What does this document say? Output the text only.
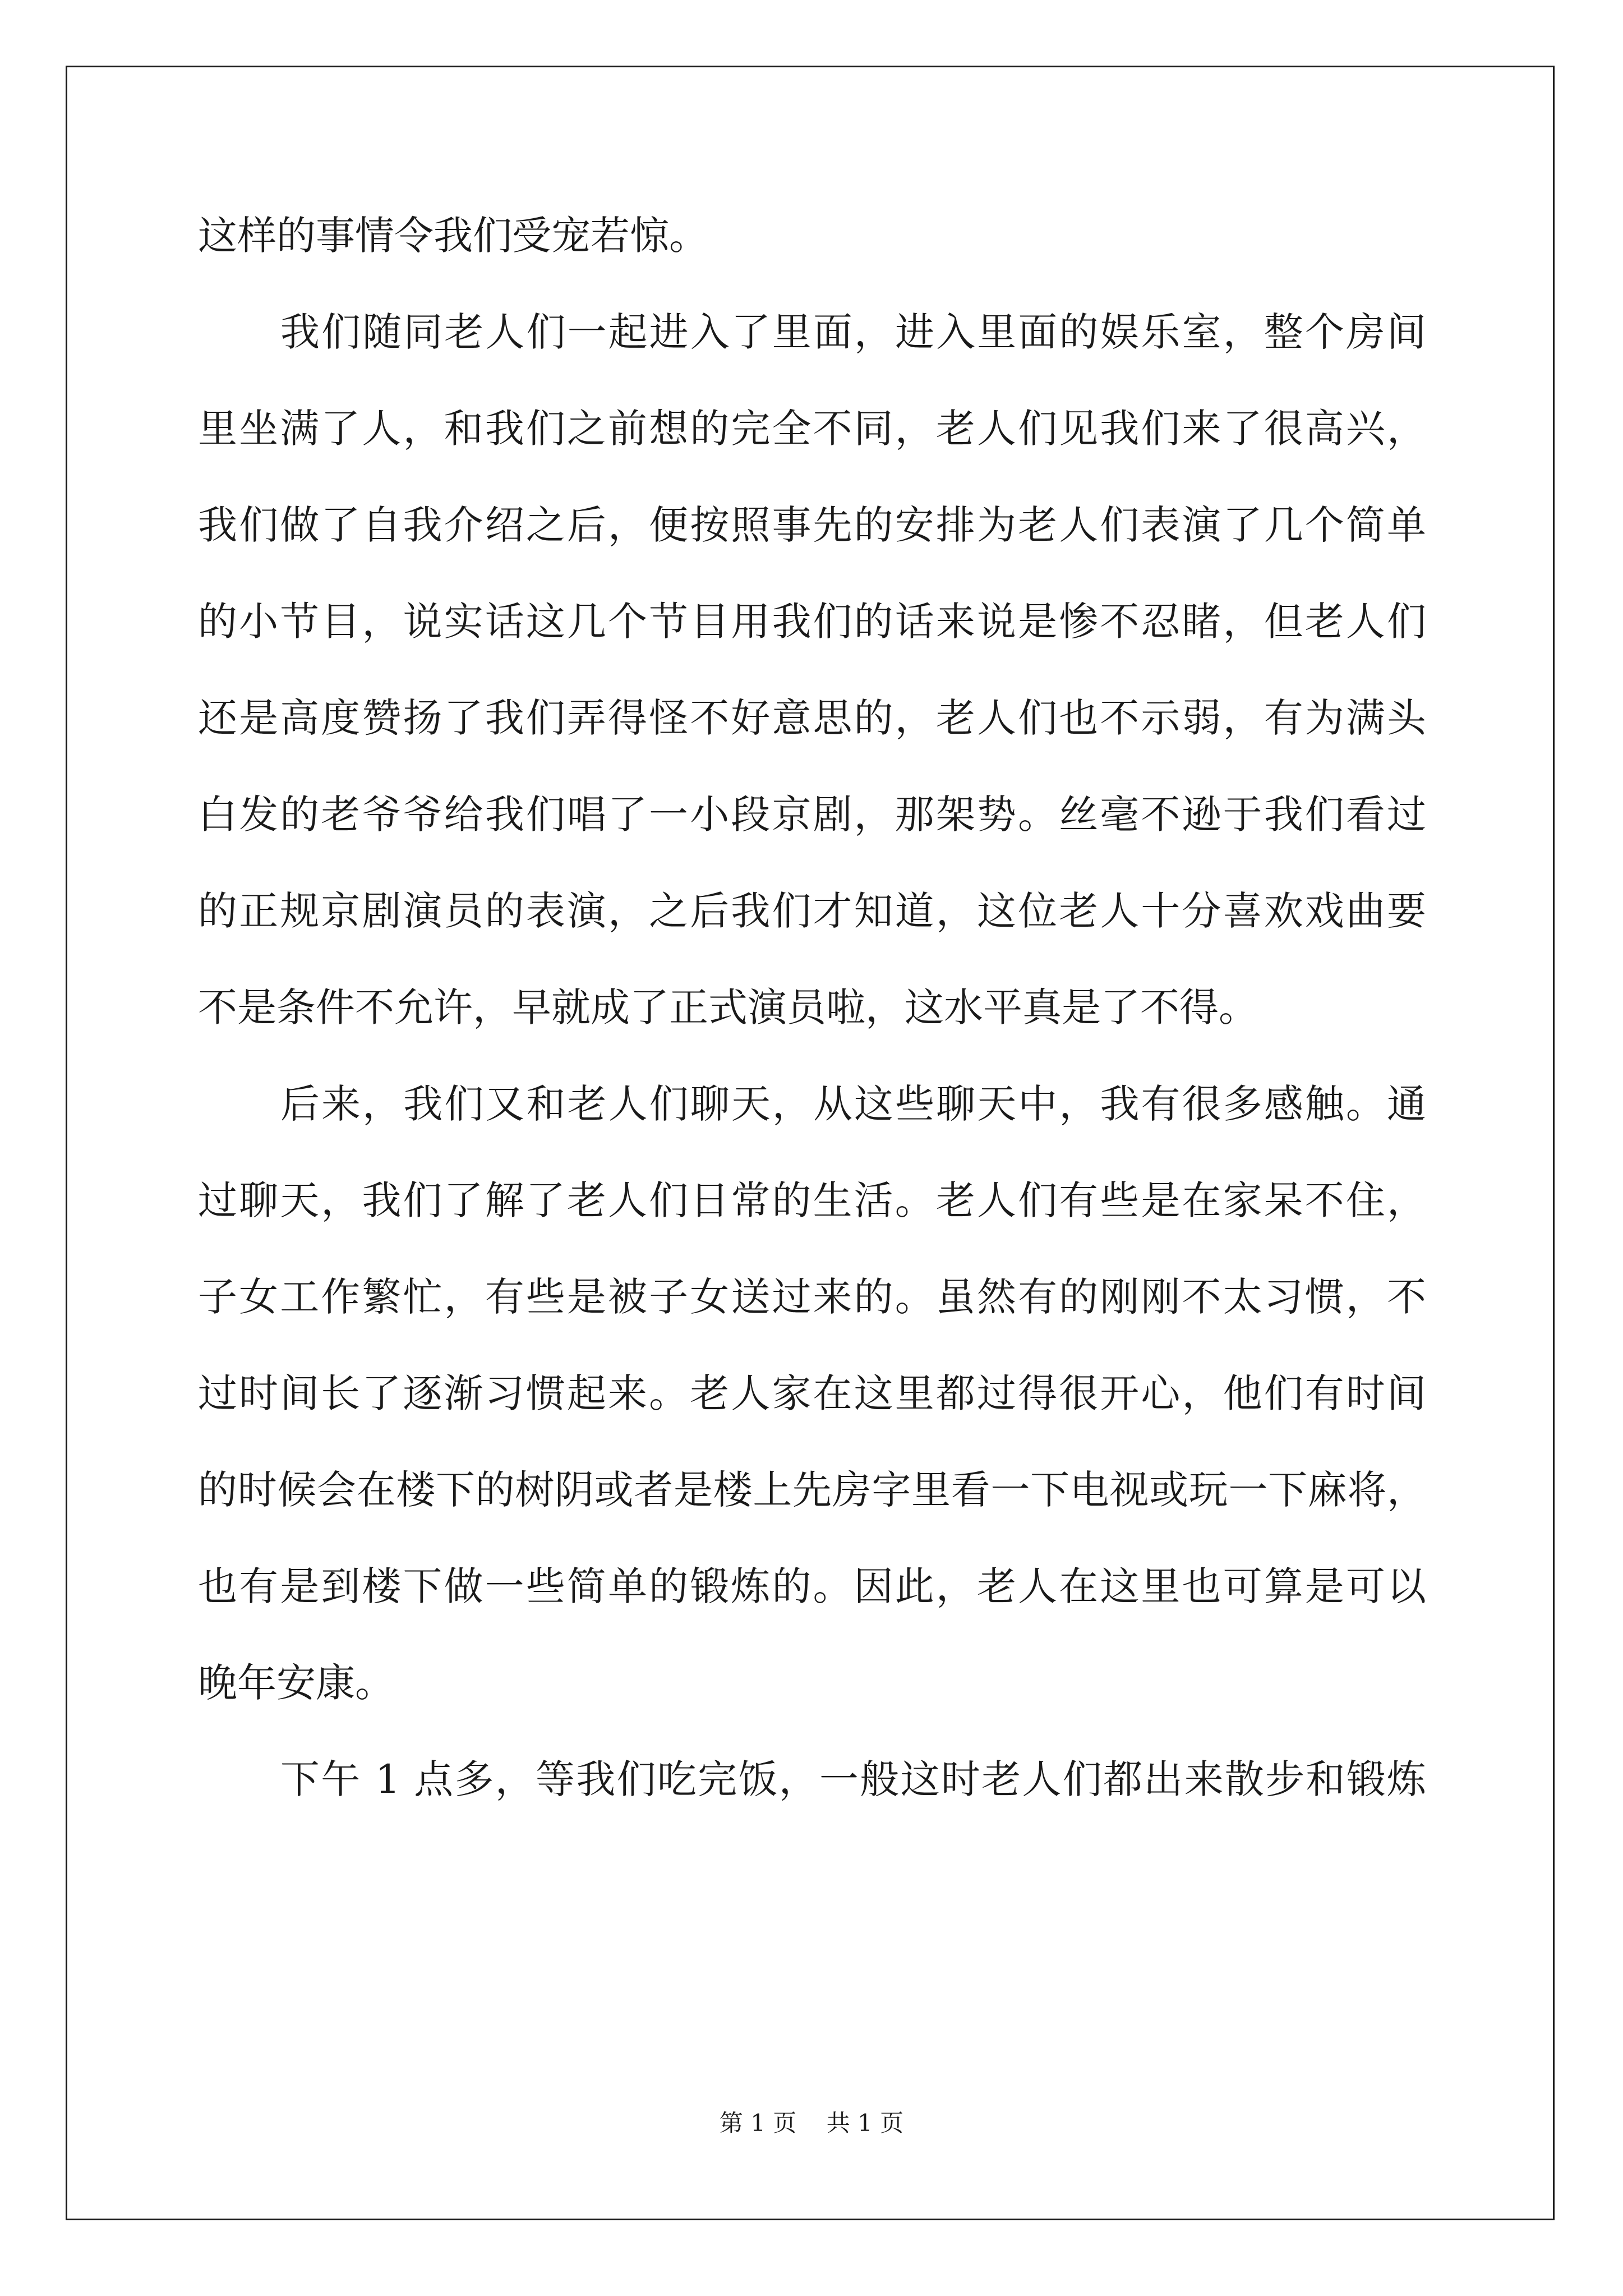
这样的事情令我们受宠若惊。
我们随同老人们一起进入了里面，进入里面的娱乐室，整个房间
里坐满了人，和我们之前想的完全不同，老人们见我们来了很高兴，
我们做了自我介绍之后，便按照事先的安排为老人们表演了几个简单
的小节目，说实话这几个节目用我们的话来说是惨不忍睹，但老人们
还是高度赞扬了我们弄得怪不好意思的，老人们也不示弱，有为满头
白发的老爷爷给我们唱了一小段京剧，那架势。丝毫不逊于我们看过
的正规京剧演员的表演，之后我们才知道，这位老人十分喜欢戏曲要
不是条件不允许，早就成了正式演员啦，这水平真是了不得。
后来，我们又和老人们聊天，从这些聊天中，我有很多感触。通
过聊天，我们了解了老人们日常的生活。老人们有些是在家呆不住，
子女工作繁忙，有些是被子女送过来的。虽然有的刚刚不太习惯，不
过时间长了逐渐习惯起来。老人家在这里都过得很开心，他们有时间
的时候会在楼下的树阴或者是楼上先房字里看一下电视或玩一下麻将，
也有是到楼下做一些简单的锻炼的。因此，老人在这里也可算是可以
晚年安康。
下午 1 点多，等我们吃完饭，一般这时老人们都出来散步和锻炼
第 1 页    共 1 页
